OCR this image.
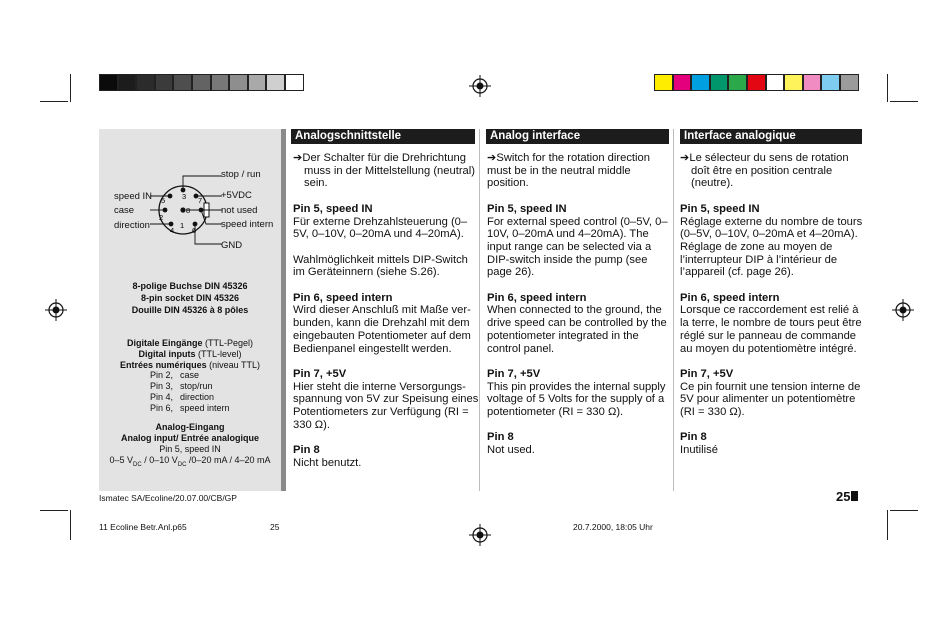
3 7
5
8
2
6
4
1
stop / run
speed IN	+5VDC
case	not used
direction	speed intern
GND
8-polige Buchse DIN 45326
8-pin socket DIN 45326
Douille DIN 45326 à 8 pôles
Digitale Eingänge (TTL-Pegel)
Digital inputs (TTL-level)
Entrées numériques (niveau TTL)
Pin 2, case
Pin 3, stop/run
Pin 4, direction
Pin 6, speed intern
Analog-Eingang
Analog input/ Entrée analogique
Pin 5, speed IN
0–5 $V_{DC} / 0-10$ $V_{DC}$ /0–20 mA / 4–20 mA
Analogschnittstelle

➔Der Schalter für die Drehrichtung muss in der Mittelstellung (neutral) sein.

Pin 5, speed IN
Für externe Drehzahlsteuerung (0–5V, 0–10V, 0–20mA und 4–20mA).

Wahlmöglichkeit mittels DIP-Switch im Geräteinnern (siehe S.26).

Pin 6, speed intern
Wird dieser Anschluß mit Maße verbunden, kann die Drehzahl mit dem eingebauten Potentiometer auf dem Bedienpanel eingestellt werden.

Pin 7, +5V
Hier steht die interne Versorgungsspannung von 5V zur Speisung eines Potentiometers zur Verfügung (RI = 330 Ω).

Pin 8
Nicht benutzt.

Analog interface

➔Switch for the rotation direction must be in the neutral middle position.

Pin 5, speed IN
For external speed control (0–5V, 0–10V, 0–20mA und 4–20mA). The input range can be selected via a DIP-switch inside the pump (see page 26).

Pin 6, speed intern
When connected to the ground, the drive speed can be controlled by the potentiometer integrated in the control panel.

Pin 7, +5V
This pin provides the internal supply voltage of 5 Volts for the supply of a potentiometer (RI = 330 Ω).

Pin 8
Not used.

Interface analogique

➔Le sélecteur du sens de rotation doît être en position centrale (neutre).

Pin 5, speed IN
Réglage externe du nombre de tours (0–5V, 0–10V, 0–20mA et 4–20mA). Réglage de zone au moyen de l’interrupteur DIP à l’intérieur de l’appareil (cf. page 26).

Pin 6, speed intern
Lorsque ce raccordement est relié à la terre, le nombre de tours peut être réglé sur le panneau de commande au moyen du potentiomètre intégré.

Pin 7, +5V
Ce pin fournit une tension interne de 5V pour alimenter un potentiomètre (RI = 330 Ω).

Pin 8
Inutilisé

Ismatec SA/Ecoline/20.07.00/CB/GP	25
11 Ecoline Betr.Anl.p65	25	20.7.2000, 18:05 Uhr
